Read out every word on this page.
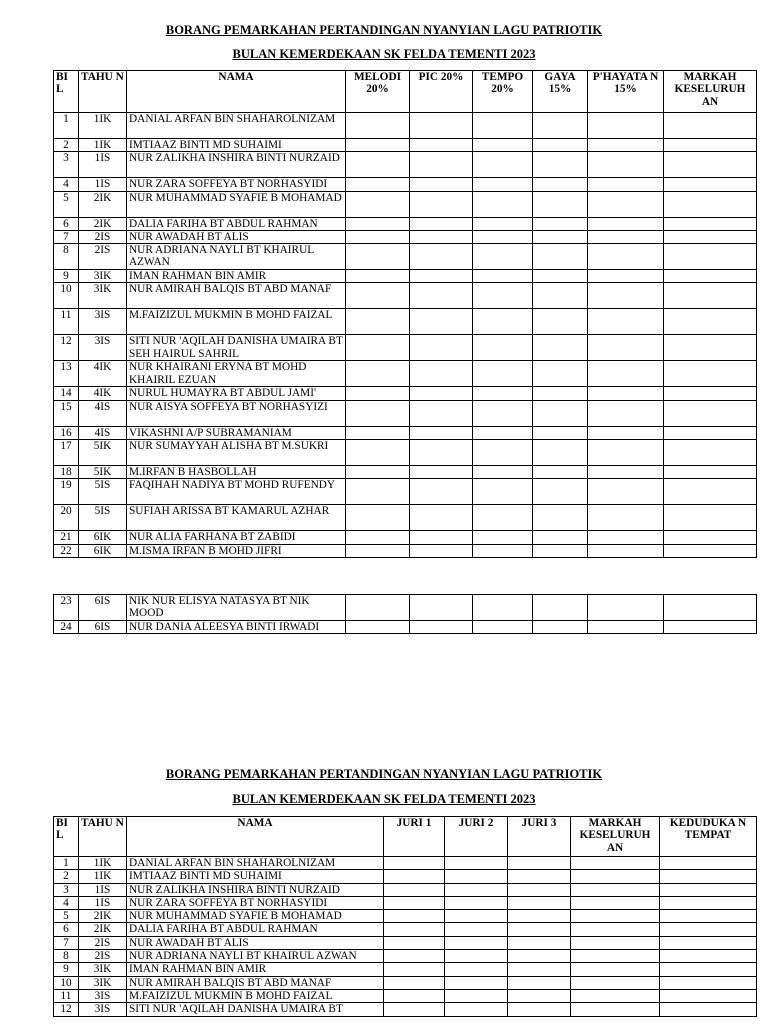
BORANG PEMARKAHAN PERTANDINGAN NYANYIAN LAGU PATRIOTIK
BULAN KEMERDEKAAN SK FELDA TEMENTI 2023
BI L	TAHU N	NAMA	MELODI 20%	PIC 20%	TEMPO 20%	GAYA 15%	P'HAYATA N 15%	MARKAH KESELURUH AN
1	1IK	DANIAL ARFAN BIN SHAHAROLNIZAM						
2	1IK	IMTIAAZ BINTI MD SUHAIMI						
3	1IS	NUR ZALIKHA INSHIRA BINTI NURZAID						
4	1IS	NUR ZARA SOFFEYA BT NORHASYIDI						
5	2IK	NUR MUHAMMAD SYAFIE B MOHAMAD						
6	2IK	DALIA FARIHA BT ABDUL RAHMAN						
7	2IS	NUR AWADAH BT ALIS						
8	2IS	NUR ADRIANA NAYLI BT KHAIRUL AZWAN						
9	3IK	IMAN RAHMAN BIN AMIR						
10	3IK	NUR AMIRAH BALQIS BT ABD MANAF						
11	3IS	M.FAIZIZUL MUKMIN B MOHD FAIZAL						
12	3IS	SITI NUR 'AQILAH DANISHA UMAIRA BT SEH HAIRUL SAHRIL						
13	4IK	NUR KHAIRANI ERYNA BT MOHD KHAIRIL EZUAN						
14	4IK	NURUL HUMAYRA BT ABDUL JAMI'						
15	4IS	NUR AISYA SOFFEYA BT NORHASYIZI						
16	4IS	VIKASHNI A/P SUBRAMANIAM						
17	5IK	NUR SUMAYYAH ALISHA BT M.SUKRI						
18	5IK	M.IRFAN B HASBOLLAH						
19	5IS	FAQIHAH NADIYA BT MOHD RUFENDY						
20	5IS	SUFIAH ARISSA BT KAMARUL AZHAR						
21	6IK	NUR ALIA FARHANA BT ZABIDI						
22	6IK	M.ISMA IRFAN B MOHD JIFRI						
23	6IS	NIK NUR ELISYA NATASYA BT NIK MOOD						
24	6IS	NUR DANIA ALEESYA BINTI IRWADI						
BORANG PEMARKAHAN PERTANDINGAN NYANYIAN LAGU PATRIOTIK
BULAN KEMERDEKAAN SK FELDA TEMENTI 2023
BI L	TAHU N	NAMA	JURI 1	JURI 2	JURI 3	MARKAH KESELURUH AN	KEDUDUKA N TEMPAT
1	1IK	DANIAL ARFAN BIN SHAHAROLNIZAM					
2	1IK	IMTIAAZ BINTI MD SUHAIMI					
3	1IS	NUR ZALIKHA INSHIRA BINTI NURZAID					
4	1IS	NUR ZARA SOFFEYA BT NORHASYIDI					
5	2IK	NUR MUHAMMAD SYAFIE B MOHAMAD					
6	2IK	DALIA FARIHA BT ABDUL RAHMAN					
7	2IS	NUR AWADAH BT ALIS					
8	2IS	NUR ADRIANA NAYLI BT KHAIRUL AZWAN					
9	3IK	IMAN RAHMAN BIN AMIR					
10	3IK	NUR AMIRAH BALQIS BT ABD MANAF					
11	3IS	M.FAIZIZUL MUKMIN B MOHD FAIZAL					
12	3IS	SITI NUR 'AQILAH DANISHA UMAIRA BT					
